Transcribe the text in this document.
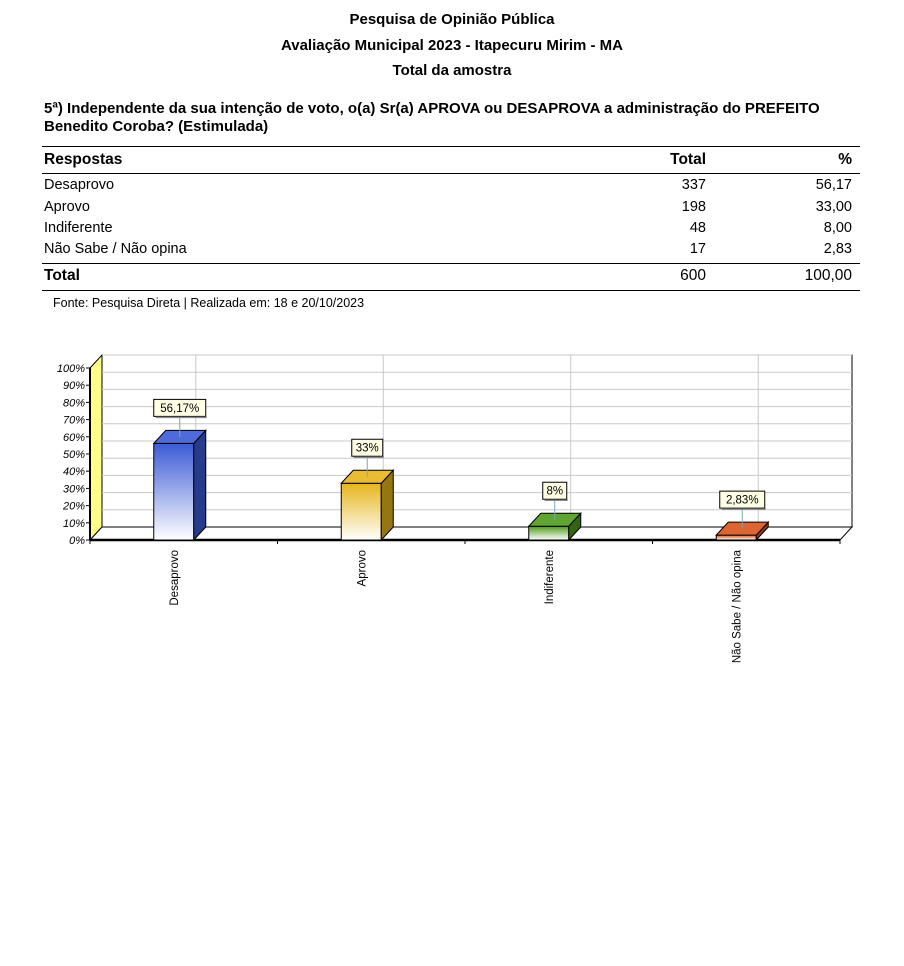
Pesquisa de Opinião Pública
Avaliação Municipal 2023 - Itapecuru Mirim - MA
Total da amostra
5ª) Independente da sua intenção de voto, o(a) Sr(a) APROVA ou DESAPROVA a administração do PREFEITO Benedito Coroba? (Estimulada)
Respostas	Total	%
Desaprovo	337	56,17
Aprovo	198	33,00
Indiferente	48	8,00
Não Sabe / Não opina	17	2,83
Total	600	100,00
Fonte: Pesquisa Direta | Realizada em: 18 e 20/10/2023
0%
10%
20%
30%
40%
50%
60%
70%
80%
90%
100%
56,17%
Desaprovo
33%
Aprovo
8%
Indiferente
2,83%
Não Sabe / Não opina
